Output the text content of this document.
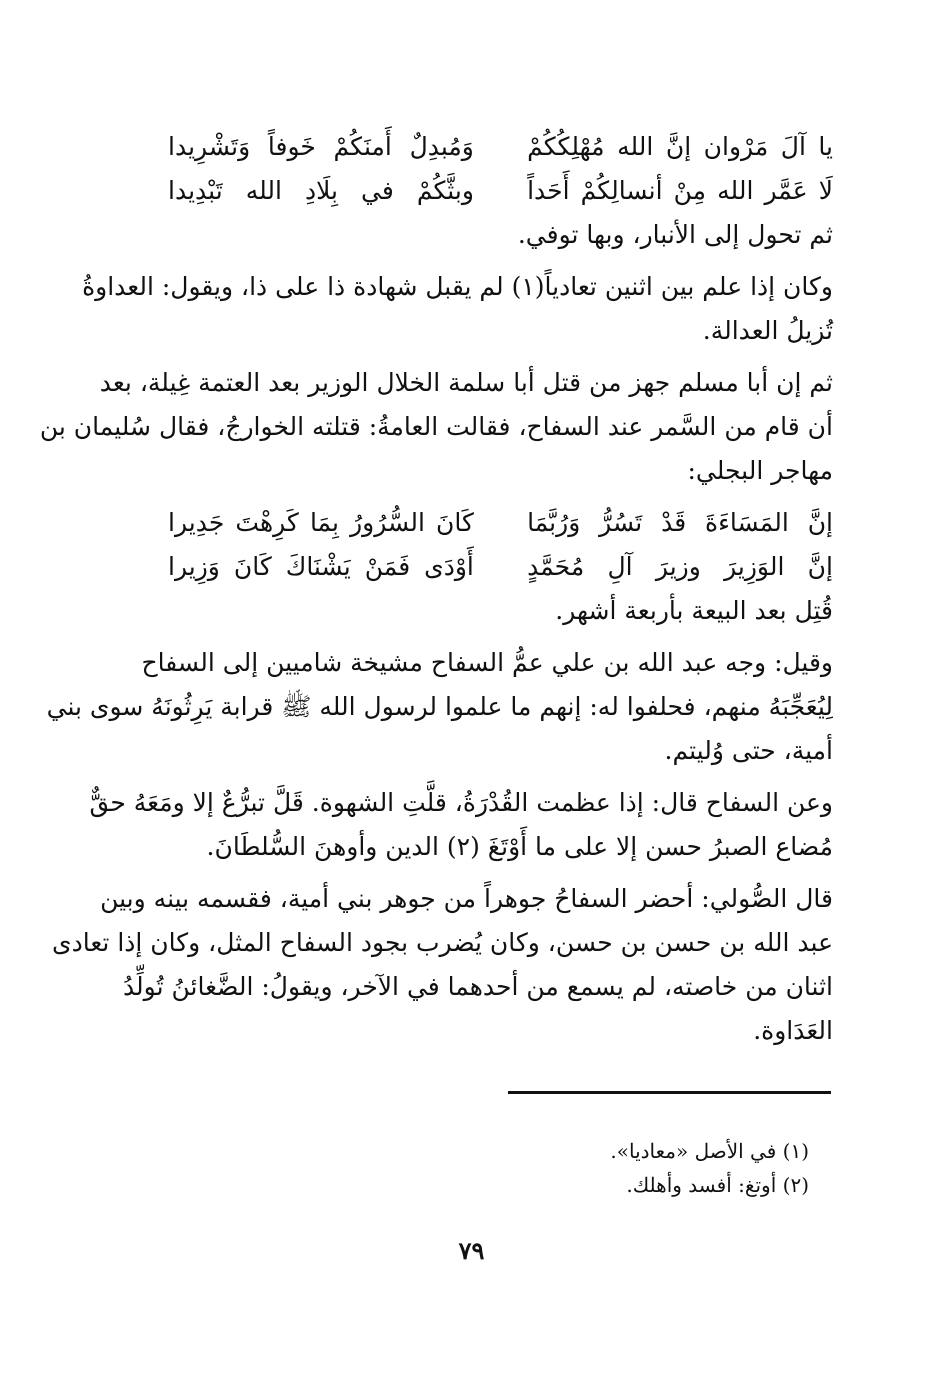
يا آلَ مَرْوان إنَّ الله مُهْلِكُكُمْ
وَمُبدِلٌ أَمنَكُمْ خَوفاً وَتَشْرِيدا
لَا عَمَّر الله مِنْ أنسالِكُمْ أَحَداً
وبثَّكُمْ في بِلَادِ الله تَبْدِيدا
ثم تحول إلى الأنبار، وبها توفي.
وكان إذا علم بين اثنين تعادياً(١) لم يقبل شهادة ذا على ذا، ويقول: العداوةُ
تُزيلُ العدالة.
ثم إن أبا مسلم جهز من قتل أبا سلمة الخلال الوزير بعد العتمة غِيلة، بعد
أن قام من السَّمر عند السفاح، فقالت العامةُ: قتلته الخوارجُ، فقال سُليمان بن
مهاجر البجلي:
إنَّ المَسَاءَةَ قَدْ تَسُرُّ وَرُبَّمَا
كَانَ السُّرُورُ بِمَا كَرِهْتَ جَدِيرا
إنَّ الوَزِيرَ وزيرَ آلِ مُحَمَّدٍ
أَوْدَى فَمَنْ يَشْنَاكَ كَانَ وَزِيرا
قُتِل بعد البيعة بأربعة أشهر.
وقيل: وجه عبد الله بن علي عمُّ السفاح مشيخة شاميين إلى السفاح
لِيُعَجِّبَهُ منهم، فحلفوا له: إنهم ما علموا لرسول الله ﷺ قرابة يَرِثُونَهُ سوى بني
أمية، حتى وُليتم.
وعن السفاح قال: إذا عظمت القُدْرَةُ، قلَّتِ الشهوة. قَلَّ تبرُّعٌ إلا ومَعَهُ حقٌّ
مُضاع الصبرُ حسن إلا على ما أَوْتَغَ (٢) الدين وأوهنَ السُّلطَانَ.
قال الصُّولي: أحضر السفاحُ جوهراً من جوهر بني أمية، فقسمه بينه وبين
عبد الله بن حسن بن حسن، وكان يُضرب بجود السفاح المثل، وكان إذا تعادى
اثنان من خاصته، لم يسمع من أحدهما في الآخر، ويقولُ: الضَّغائنُ تُولِّدُ
العَدَاوة.
(١) في الأصل «معاديا».
(٢) أوتغ: أفسد وأهلك.
٧٩
